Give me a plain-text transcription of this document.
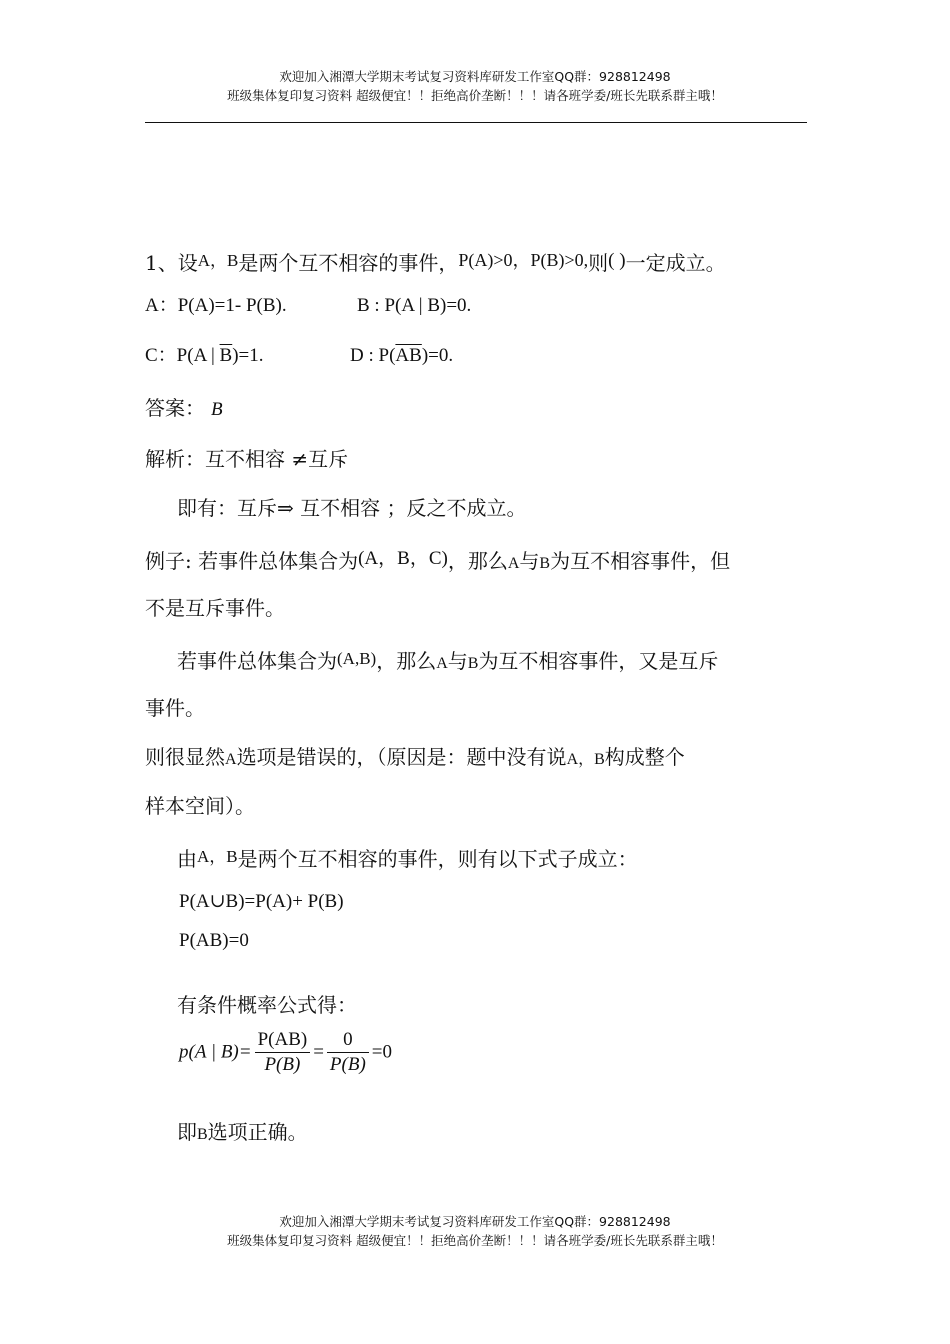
欢迎加入湘潭大学期末考试复习资料库研发工作室QQ群：928812498
班级集体复印复习资料 超级便宜！！拒绝高价垄断！！！请各班学委/班长先联系群主哦！
1、设$^{A,B}$是两个互不相容的事件，P(A)>0，P(B)>0,则( )一定成立。
A：P(A)=1- P(B).	B : P(A | B)=0.
C：P(A | $\overline{B})=1$.	D : $P(\overline{AB})=0$.
答案： B
解析：互不相容 ≠互斥
即有：互斥⇒ 互不相容 ；反之不成立。
例子: 若事件总体集合为(A，B，C)，那么A与B为互不相容事件，但
不是互斥事件。
若事件总体集合为$^{(A,B)}$，那么A与B为互不相容事件，又是互斥
事件。
则很显然A选项是错误的，（原因是：题中没有说A，B构成整个
样本空间）。
由$^{A,B}$是两个互不相容的事件，则有以下式子成立：
P(A∪B)=P(A)+ P(B)
P(AB)=0
有条件概率公式得：
p(A | $B)= \frac{P(AB)}{P(B)} = \frac{0}{P(B)} =0$
即B选项正确。
欢迎加入湘潭大学期末考试复习资料库研发工作室QQ群：928812498
班级集体复印复习资料 超级便宜！！拒绝高价垄断！！！请各班学委/班长先联系群主哦！
